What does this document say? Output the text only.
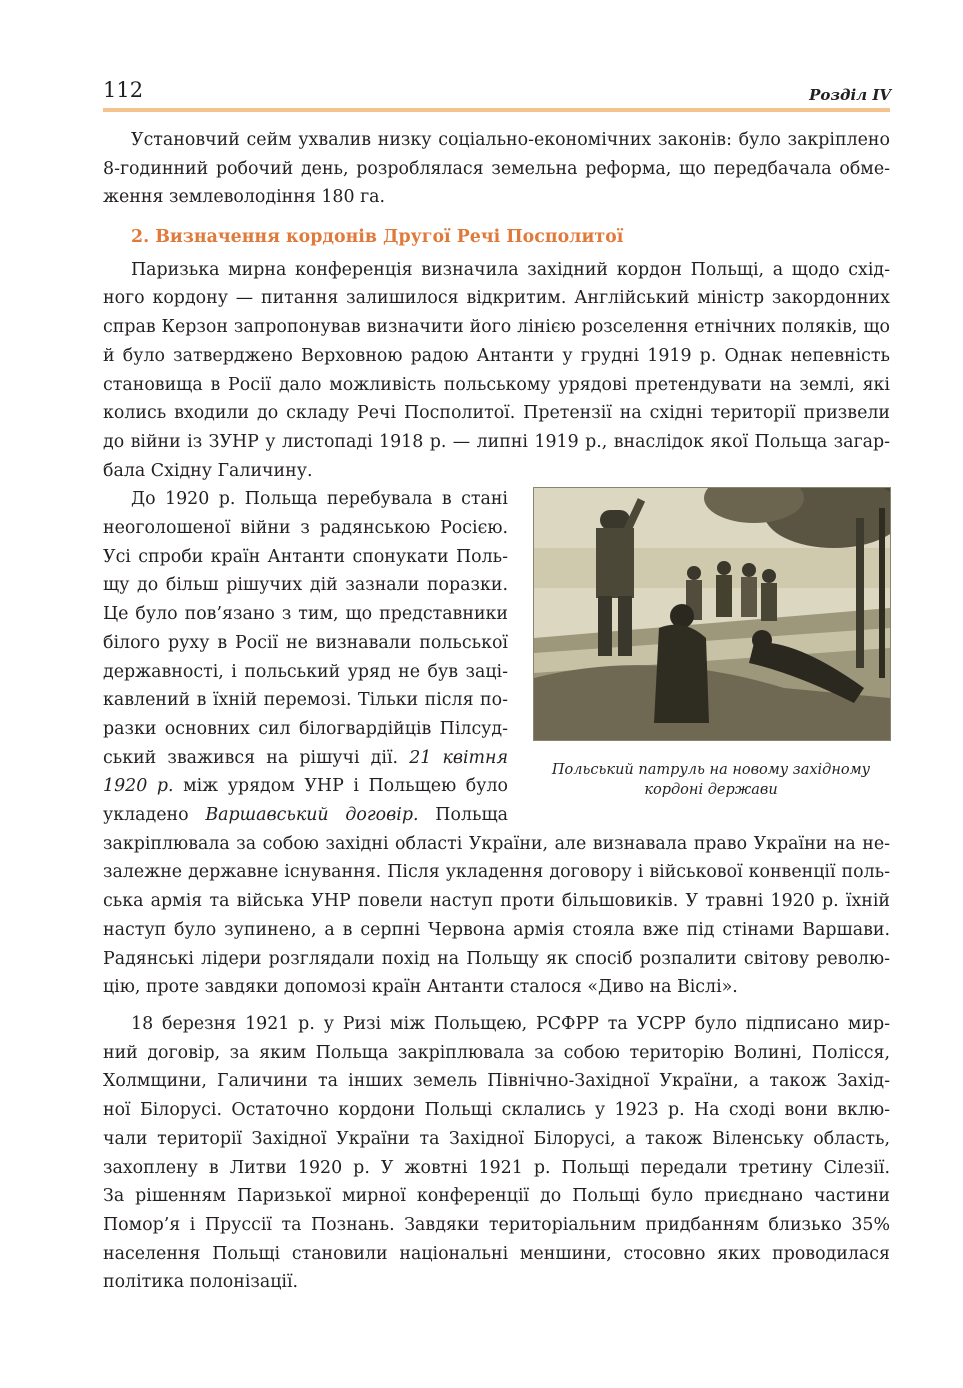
112	Розділ IV
Установчий сейм ухвалив низку соціально-економічних законів: було закріплено
8-годинний робочий день, розроблялася земельна реформа, що передбачала обме-
ження землеволодіння 180 га.
2. Визначення кордонів Другої Речі Посполитої
Паризька мирна конференція визначила західний кордон Польщі, а щодо схід-
ного кордону — питання залишилося відкритим. Англійський міністр закордонних
справ Керзон запропонував визначити його лінією розселення етнічних поляків, що
й було затверджено Верховною радою Антанти у грудні 1919 р. Однак непевність
становища в Росії дало можливість польському урядові претендувати на землі, які
колись входили до складу Речі Посполитої. Претензії на східні території призвели
до війни із ЗУНР у листопаді 1918 р. — липні 1919 р., внаслідок якої Польща загар-
бала Східну Галичину.
До 1920 р. Польща перебувала в стані
неоголошеної війни з радянською Росією.
Усі спроби країн Антанти спонукати Поль-
щу до більш рішучих дій зазнали поразки.
Це було пов’язано з тим, що представники
білого руху в Росії не визнавали польської
державності, і польський уряд не був заці-
кавлений в їхній перемозі. Тільки після по-
разки основних сил білогвардійців Пілсуд-
ський зважився на рішучі дії. 21 квітня
1920 р. між урядом УНР і Польщею було
укладено Варшавський договір. Польща
закріплювала за собою західні області України, але визнавала право України на не-
залежне державне існування. Після укладення договору і військової конвенції поль-
ська армія та війська УНР повели наступ проти більшовиків. У травні 1920 р. їхній
наступ було зупинено, а в серпні Червона армія стояла вже під стінами Варшави.
Радянські лідери розглядали похід на Польщу як спосіб розпалити світову револю-
цію, проте завдяки допомозі країн Антанти сталося «Диво на Віслі».
18 березня 1921 р. у Ризі між Польщею, РСФРР та УСРР було підписано мир-
ний договір, за яким Польща закріплювала за собою територію Волині, Полісся,
Холмщини, Галичини та інших земель Північно-Західної України, а також Захід-
ної Білорусі. Остаточно кордони Польщі склались у 1923 р. На сході вони вклю-
чали території Західної України та Західної Білорусі, а також Віленську область,
захоплену в Литви 1920 р. У жовтні 1921 р. Польщі передали третину Сілезії.
За рішенням Паризької мирної конференції до Польщі було приєднано частини
Помор’я і Пруссії та Познань. Завдяки територіальним придбанням близько 35%
населення Польщі становили національні меншини, стосовно яких проводилася
політика полонізації.
Польський патруль на новому західному
кордоні держави
